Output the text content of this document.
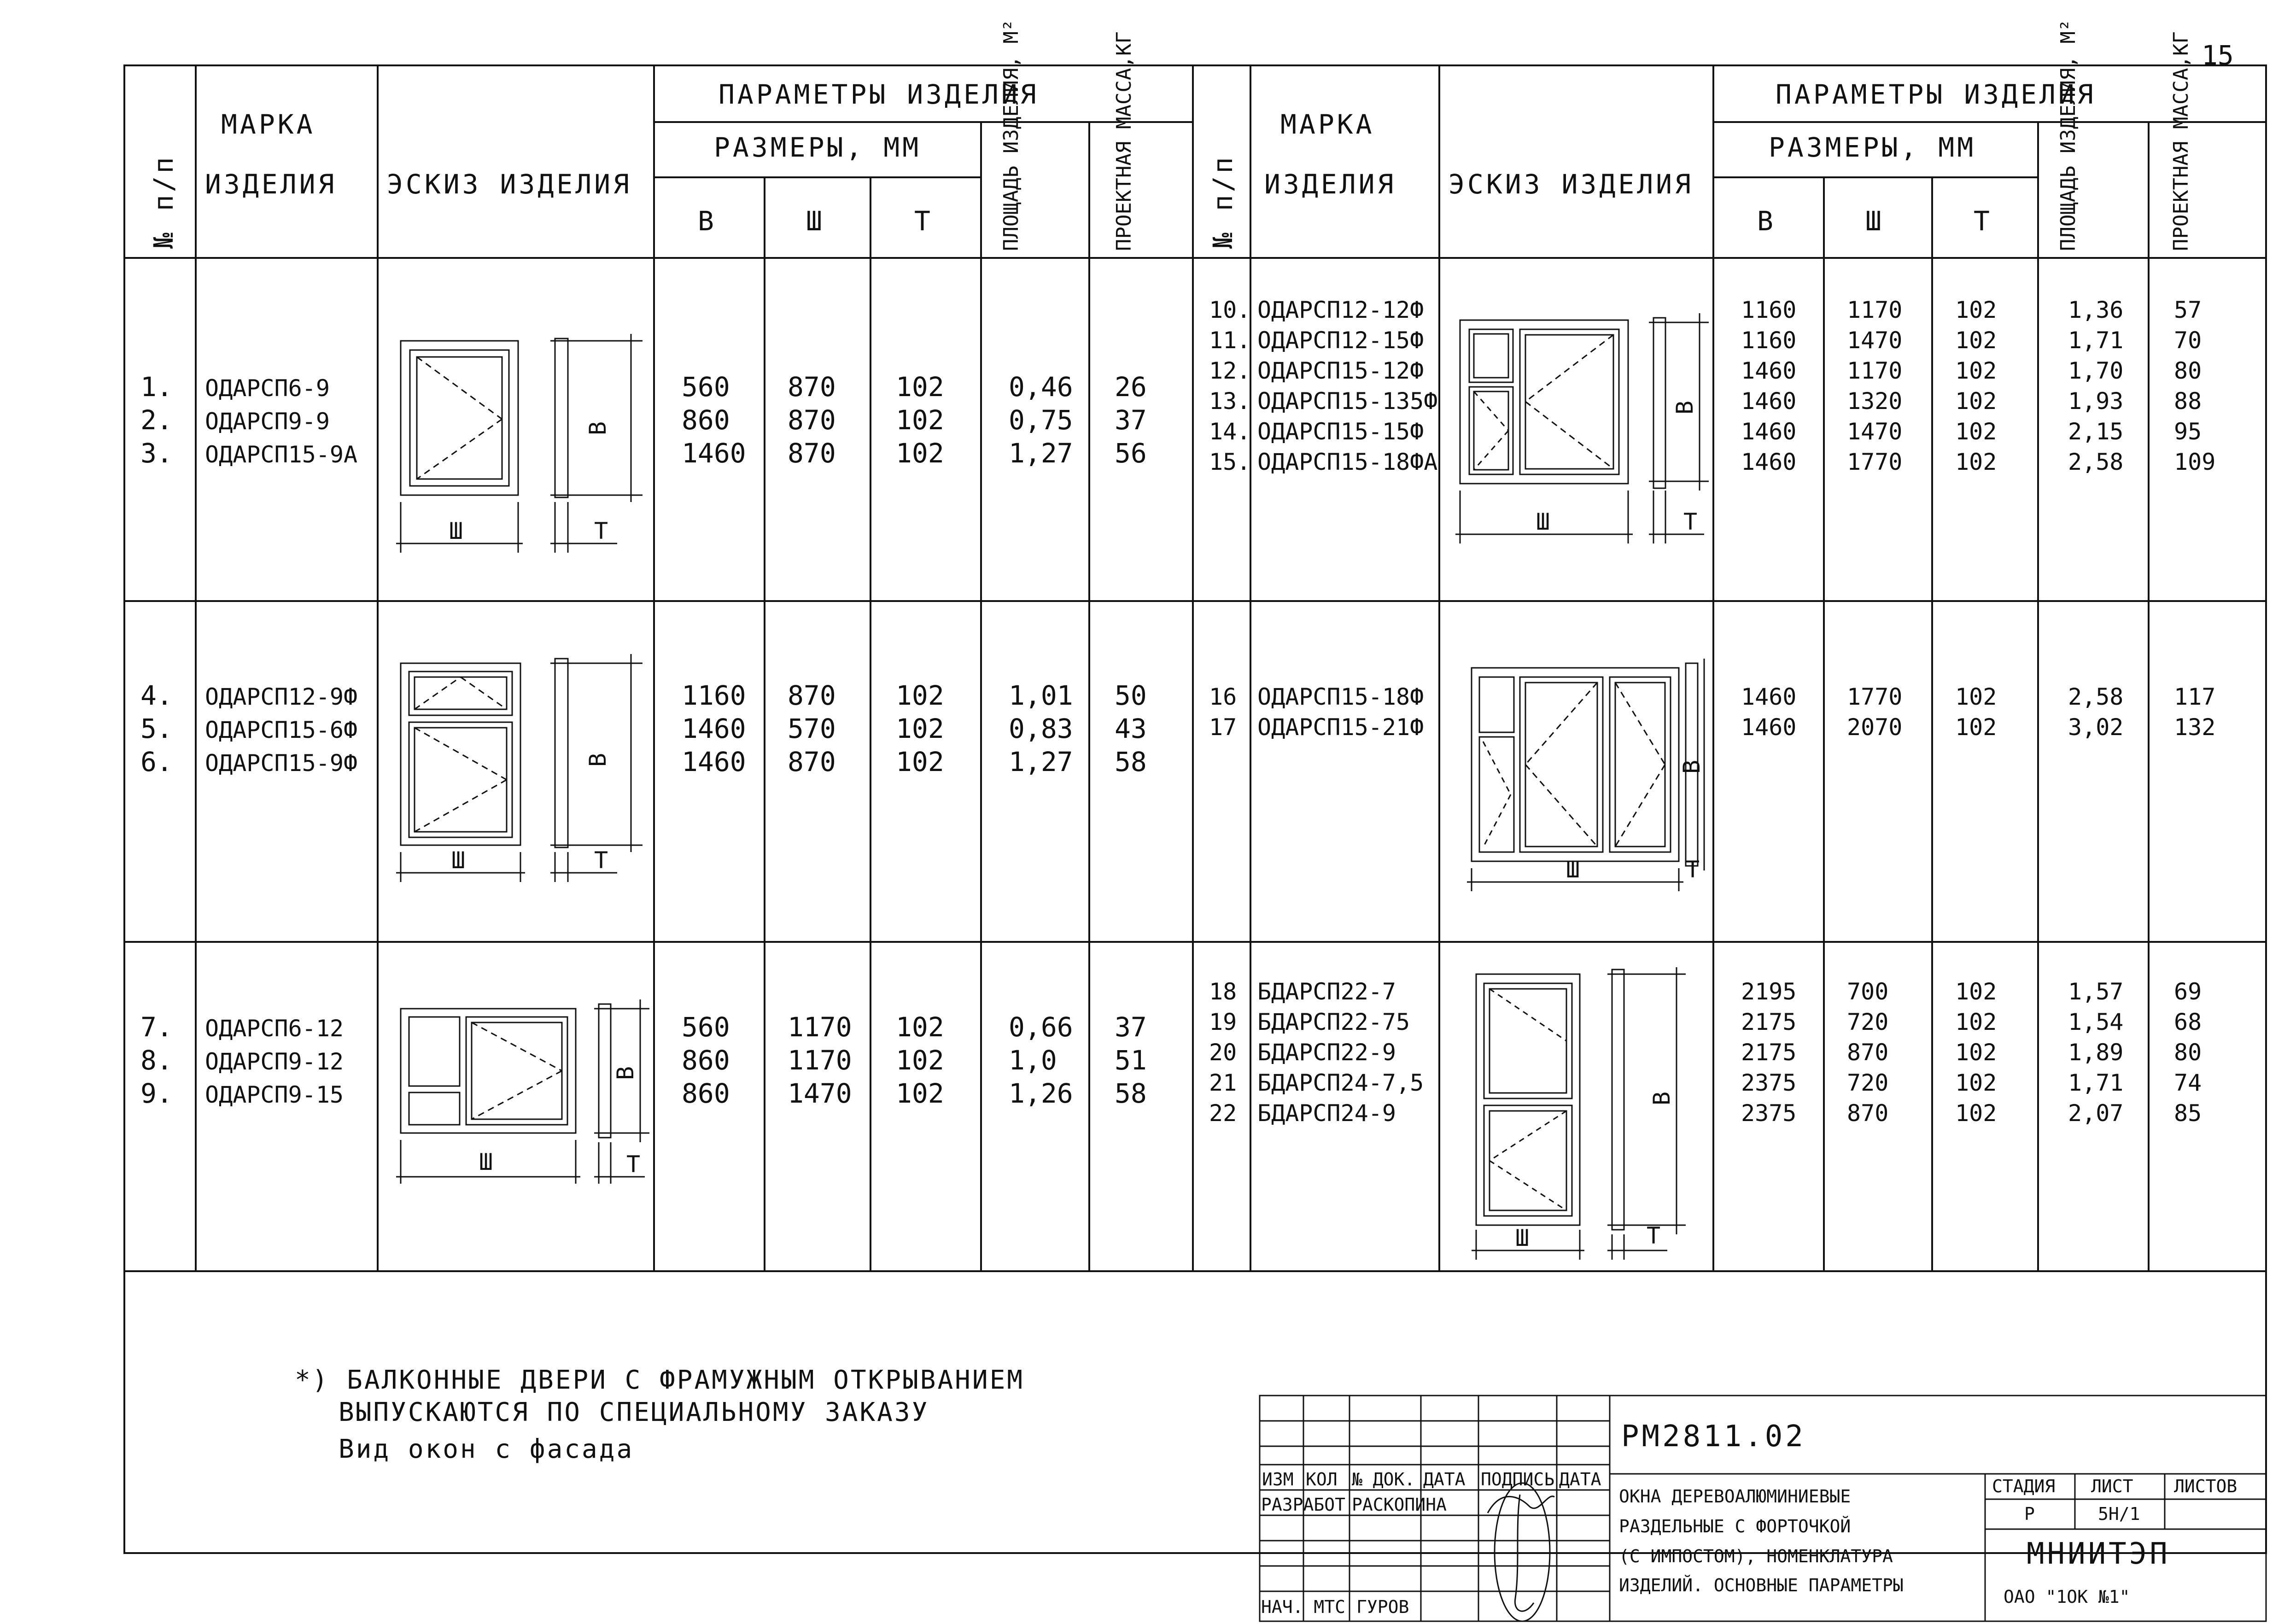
15
№ п/п
МАРКА
ИЗДЕЛИЯ ЭСКИЗ ИЗДЕЛИЯ
ПАРАМЕТРЫ ИЗДЕЛИЯ
РАЗМЕРЫ, ММ
В	Ш	Т	ПЛОЩАДЬ ИЗДЕЛИЯ, М²	ПРОЕКТНАЯ МАССА,КГ	№ п/п
МАРКА
ИЗДЕЛИЯ ЭСКИЗ ИЗДЕЛИЯ
ПАРАМЕТРЫ ИЗДЕЛИЯ
РАЗМЕРЫ, ММ
В	Ш	Т	ПЛОЩАДЬ ИЗДЕЛИЯ, М²	ПРОЕКТНАЯ МАССА,КГ
1. ОДАРСП6-9	560 870 102 0,46 26
2. ОДАРСП9-9	860 870 102 0,75 37
3. ОДАРСП15-9А	1460 870 102 1,27 56
10. ОДАРСП12-12Ф	1160 1170 102	1,36 57
11. ОДАРСП12-15Ф	1160 1470 102	1,71 70
12. ОДАРСП15-12Ф	1460 1170 102	1,70 80
13. ОДАРСП15-135Ф	1460 1320 102	1,93 88
14. ОДАРСП15-15Ф	1460 1470 102	2,15 95
15. ОДАРСП15-18ФА	1460 1770 102	2,58 109
4. ОДАРСП12-9Ф	1160 870 102 1,01 50
5. ОДАРСП15-6Ф	1460 570 102 0,83 43
6. ОДАРСП15-9Ф	1460 870 102 1,27 58
16 ОДАРСП15-18Ф	1460 1770 102	2,58 117
17 ОДАРСП15-21Ф	1460 2070 102	3,02 132
7. ОДАРСП6-12	560 1170 102 0,66 37
8. ОДАРСП9-12	860 1170 102 1,0 51
9. ОДАРСП9-15	860 1470 102 1,26 58
18 БДАРСП22-7	2195 700	102	1,57 69
19 БДАРСП22-75	2175 720	102	1,54 68
20 БДАРСП22-9	2175 870	102	1,89 80
21 БДАРСП24-7,5	2375 720	102	1,71 74
22 БДАРСП24-9	2375 870	102	2,07 85
Ш
В
Т
Ш
В
Т
Ш
В
Т
Ш
В
Т
Ш
В
Т
Ш
В
Т
*) БАЛКОННЫЕ ДВЕРИ С ФРАМУЖНЫМ ОТКРЫВАНИЕМ
ВЫПУСКАЮТСЯ ПО СПЕЦИАЛЬНОМУ ЗАКАЗУ
Вид окон с фасада
ИЗМ КОЛ № ДОК. ДАТА ПОДПИСЬ ДАТА
РАЗРАБОТ РАСКОПИНА
НАЧ. МТС ГУРОВ
РМ2811.02
ОКНА ДЕРЕВОАЛЮМИНИЕВЫЕ
РАЗДЕЛЬНЫЕ С ФОРТОЧКОЙ
(С ИМПОСТОМ), НОМЕНКЛАТУРА
ИЗДЕЛИЙ. ОСНОВНЫЕ ПАРАМЕТРЫ
СТАДИЯ ЛИСТ ЛИСТОВ
Р	5Н/1
МНИИТЭП
ОАО "1ОК №1"
